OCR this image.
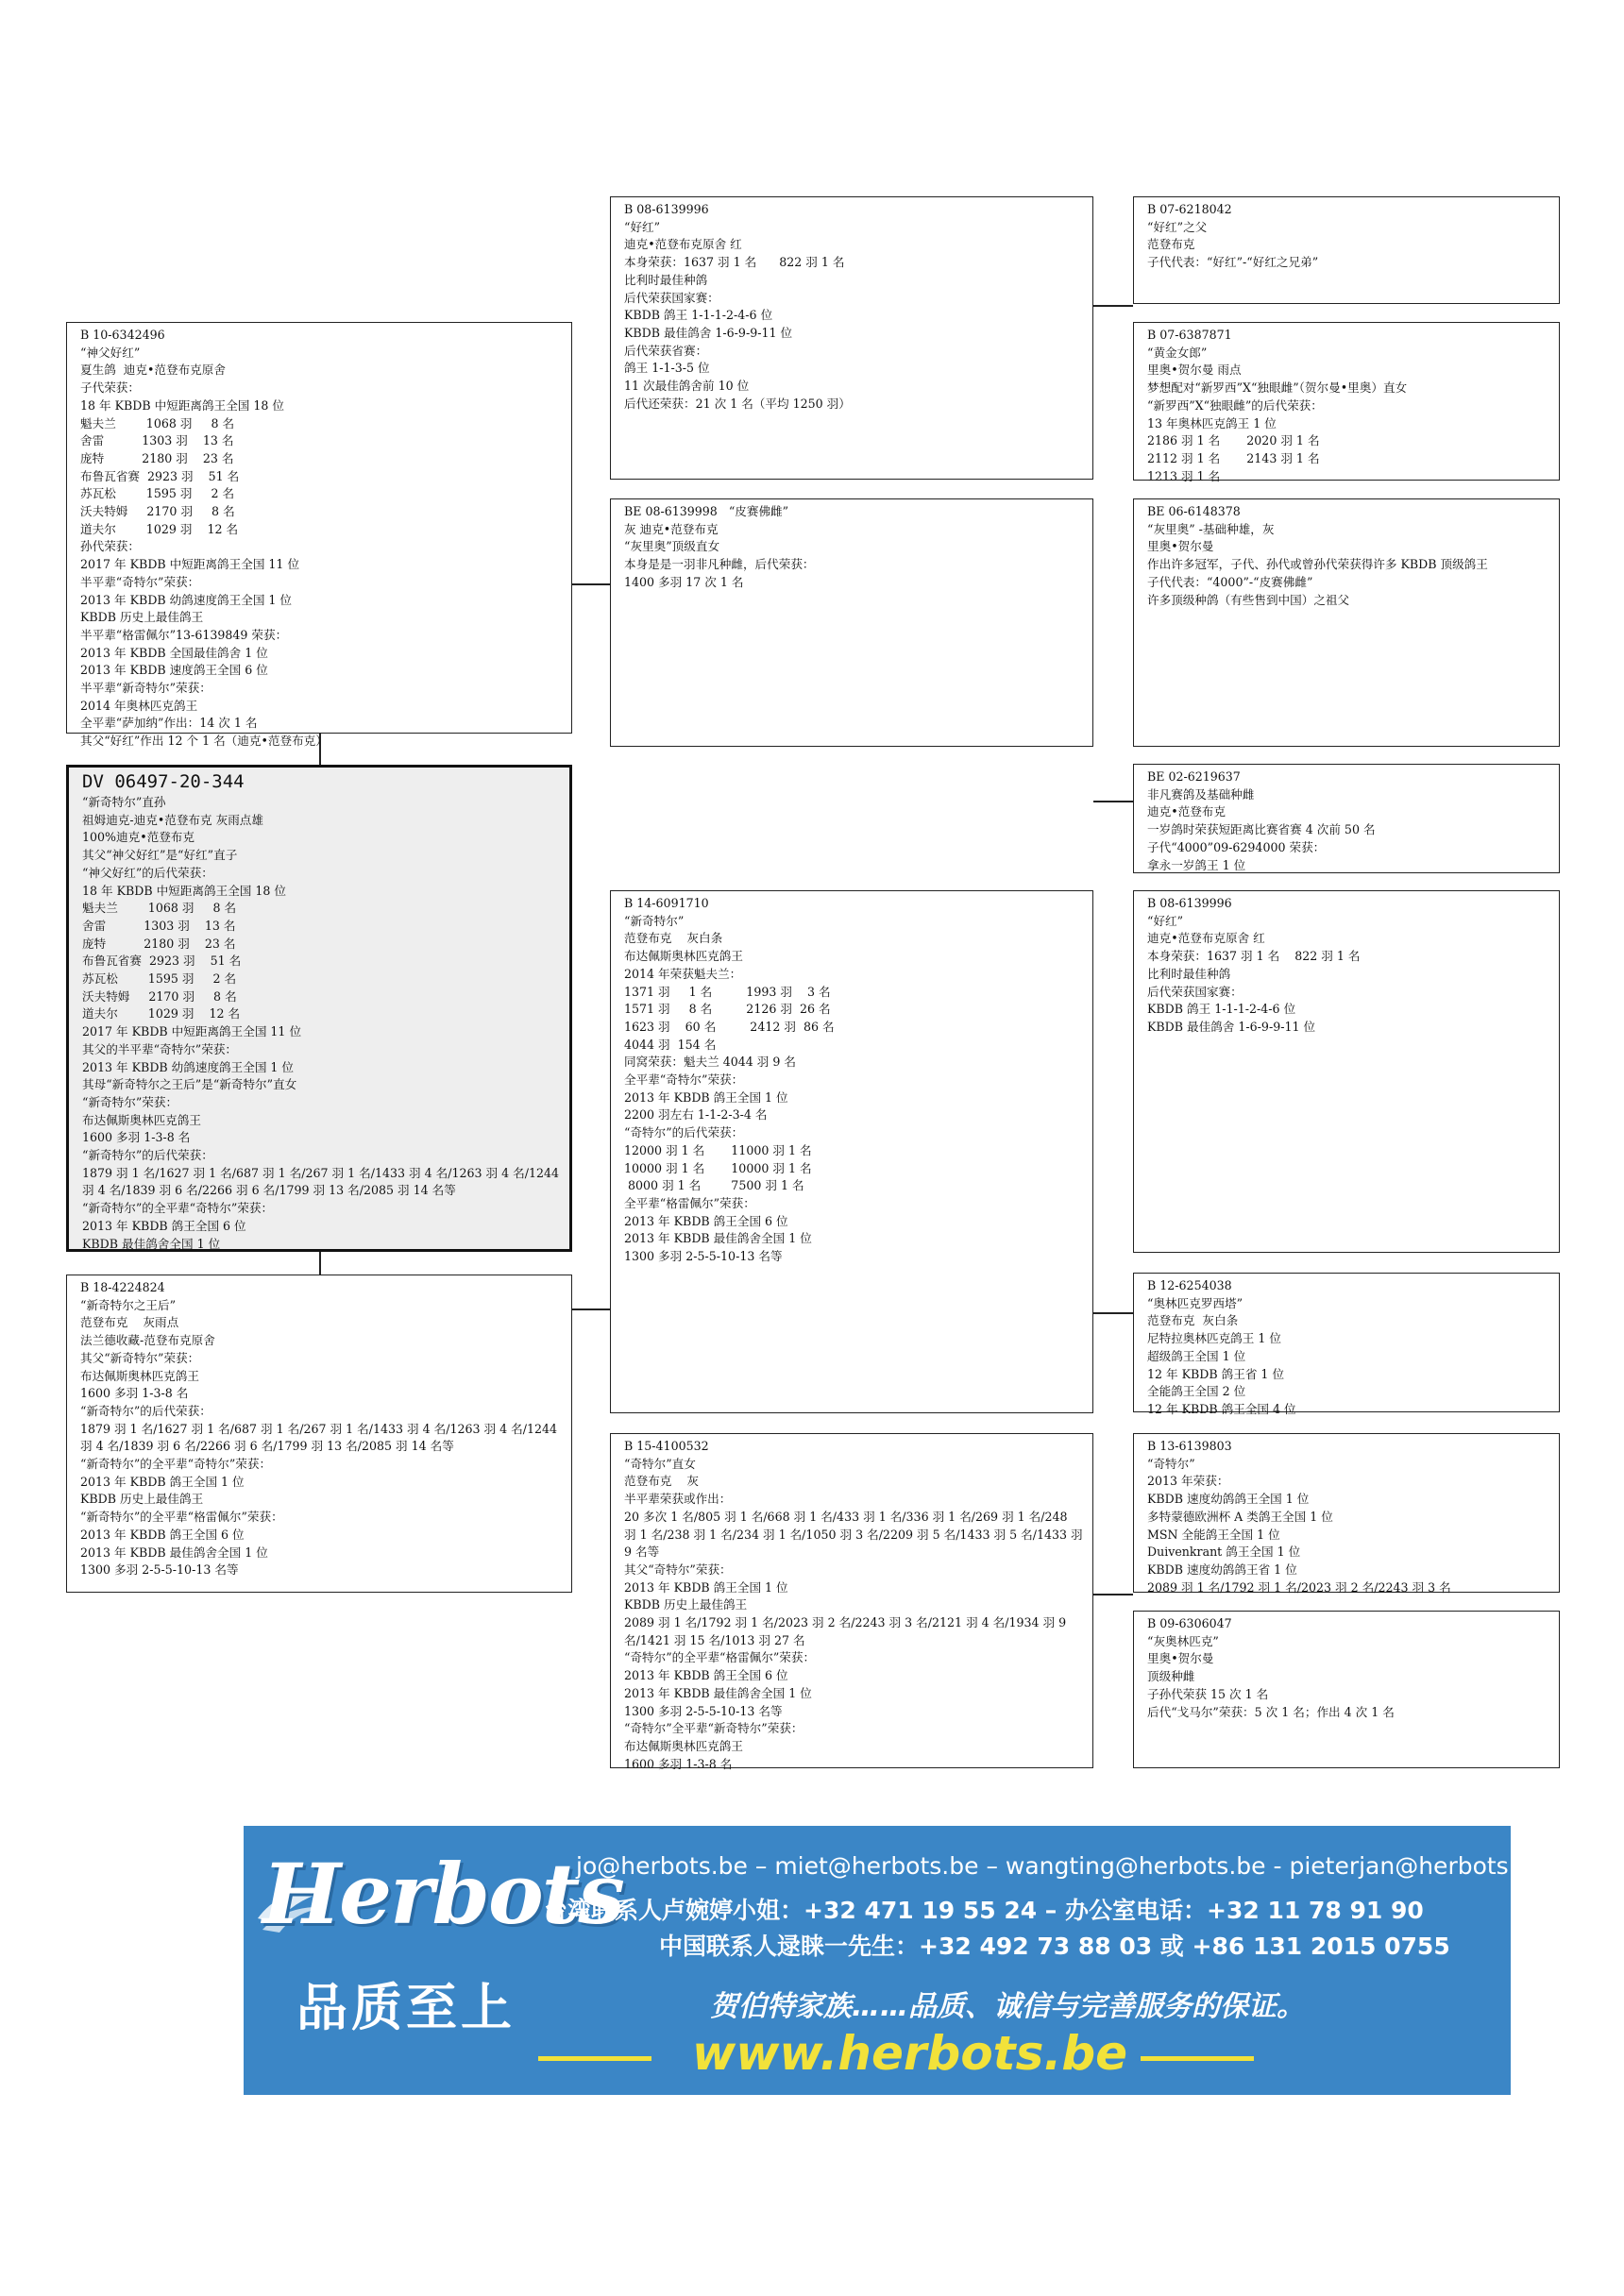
B 08-6139996
“好红”
迪克•范登布克原舍 红
本身荣获：1637 羽 1 名      822 羽 1 名
比利时最佳种鸽
后代荣获国家赛：
KBDB 鸽王 1-1-1-2-4-6 位
KBDB 最佳鸽舍 1-6-9-9-11 位
后代荣获省赛：
鸽王 1-1-3-5 位
11 次最佳鸽舍前 10 位
后代还荣获：21 次 1 名（平均 1250 羽）
B 07-6218042
“好红”之父
范登布克
子代代表：“好红”-“好红之兄弟”
B 10-6342496
“神父好红”
夏生鸽  迪克•范登布克原舍
子代荣获：
18 年 KBDB 中短距离鸽王全国 18 位
魁夫兰        1068 羽     8 名
舍雷          1303 羽    13 名
庞特          2180 羽    23 名
布鲁瓦省赛  2923 羽    51 名
苏瓦松        1595 羽     2 名
沃夫特姆     2170 羽     8 名
道夫尔        1029 羽    12 名
孙代荣获：
2017 年 KBDB 中短距离鸽王全国 11 位
半平辈“奇特尔”荣获：
2013 年 KBDB 幼鸽速度鸽王全国 1 位
KBDB 历史上最佳鸽王
半平辈“格雷佩尔”13-6139849 荣获：
2013 年 KBDB 全国最佳鸽舍 1 位
2013 年 KBDB 速度鸽王全国 6 位
半平辈“新奇特尔”荣获：
2014 年奥林匹克鸽王
全平辈“萨加纳”作出：14 次 1 名
其父“好红”作出 12 个 1 名（迪克•范登布克）
B 07-6387871
“黄金女郎”
里奥•贺尔曼 雨点
梦想配对“新罗西”X“独眼雌”（贺尔曼•里奥）直女
“新罗西”X“独眼雌”的后代荣获：
13 年奥林匹克鸽王 1 位
2186 羽 1 名       2020 羽 1 名
2112 羽 1 名       2143 羽 1 名
1213 羽 1 名
BE 08-6139998   “皮赛佛雌”
灰 迪克•范登布克
“灰里奥”顶级直女
本身是是一羽非凡种雌，后代荣获：
1400 多羽 17 次 1 名
BE 06-6148378
“灰里奥” -基础种雄，灰
里奥•贺尔曼
作出许多冠军，子代、孙代或曾孙代荣获得许多 KBDB 顶级鸽王
子代代表：“4000”-“皮赛佛雌”
许多顶级种鸽（有些售到中国）之祖父
BE 02-6219637
非凡赛鸽及基础种雌
迪克•范登布克
一岁鸽时荣获短距离比赛省赛 4 次前 50 名
子代“4000”09-6294000 荣获：
拿永一岁鸽王 1 位
DV 06497-20-344
“新奇特尔”直孙
祖姆迪克-迪克•范登布克 灰雨点雄
100%迪克•范登布克
其父“神父好红”是“好红”直子
“神父好红”的后代荣获：
18 年 KBDB 中短距离鸽王全国 18 位
魁夫兰        1068 羽     8 名
舍雷          1303 羽    13 名
庞特          2180 羽    23 名
布鲁瓦省赛  2923 羽    51 名
苏瓦松        1595 羽     2 名
沃夫特姆     2170 羽     8 名
道夫尔        1029 羽    12 名
2017 年 KBDB 中短距离鸽王全国 11 位
其父的半平辈“奇特尔”荣获：
2013 年 KBDB 幼鸽速度鸽王全国 1 位
其母“新奇特尔之王后”是“新奇特尔”直女
“新奇特尔”荣获：
布达佩斯奥林匹克鸽王
1600 多羽 1-3-8 名
“新奇特尔”的后代荣获：
1879 羽 1 名/1627 羽 1 名/687 羽 1 名/267 羽 1 名/1433 羽 4 名/1263 羽 4 名/1244 羽 4 名/1839 羽 6 名/2266 羽 6 名/1799 羽 13 名/2085 羽 14 名等
“新奇特尔”的全平辈“奇特尔”荣获：
2013 年 KBDB 鸽王全国 6 位
KBDB 最佳鸽舍全国 1 位
B 14-6091710
“新奇特尔”
范登布克    灰白条
布达佩斯奥林匹克鸽王
2014 年荣获魁夫兰：
1371 羽     1 名         1993 羽    3 名
1571 羽     8 名         2126 羽  26 名
1623 羽    60 名         2412 羽  86 名
4044 羽  154 名
同窝荣获：魁夫兰 4044 羽 9 名
全平辈“奇特尔”荣获：
2013 年 KBDB 鸽王全国 1 位
2200 羽左右 1-1-2-3-4 名
“奇特尔”的后代荣获：
12000 羽 1 名       11000 羽 1 名
10000 羽 1 名       10000 羽 1 名
8000 羽 1 名        7500 羽 1 名
全平辈“格雷佩尔”荣获：
2013 年 KBDB 鸽王全国 6 位
2013 年 KBDB 最佳鸽舍全国 1 位
1300 多羽 2-5-5-10-13 名等
B 08-6139996
“好红”
迪克•范登布克原舍 红
本身荣获：1637 羽 1 名    822 羽 1 名
比利时最佳种鸽
后代荣获国家赛：
KBDB 鸽王 1-1-1-2-4-6 位
KBDB 最佳鸽舍 1-6-9-9-11 位
B 18-4224824
“新奇特尔之王后”
范登布克    灰雨点
法兰德收藏-范登布克原舍
其父“新奇特尔”荣获：
布达佩斯奥林匹克鸽王
1600 多羽 1-3-8 名
“新奇特尔”的后代荣获：
1879 羽 1 名/1627 羽 1 名/687 羽 1 名/267 羽 1 名/1433 羽 4 名/1263 羽 4 名/1244 羽 4 名/1839 羽 6 名/2266 羽 6 名/1799 羽 13 名/2085 羽 14 名等
“新奇特尔”的全平辈“奇特尔”荣获：
2013 年 KBDB 鸽王全国 1 位
KBDB 历史上最佳鸽王
“新奇特尔”的全平辈“格雷佩尔”荣获：
2013 年 KBDB 鸽王全国 6 位
2013 年 KBDB 最佳鸽舍全国 1 位
1300 多羽 2-5-5-10-13 名等
B 12-6254038
“奥林匹克罗西塔”
范登布克  灰白条
尼特拉奥林匹克鸽王 1 位
超级鸽王全国 1 位
12 年 KBDB 鸽王省 1 位
全能鸽王全国 2 位
12 年 KBDB 鸽王全国 4 位
B 15-4100532
“奇特尔”直女
范登布克    灰
半平辈荣获或作出：
20 多次 1 名/805 羽 1 名/668 羽 1 名/433 羽 1 名/336 羽 1 名/269 羽 1 名/248 羽 1 名/238 羽 1 名/234 羽 1 名/1050 羽 3 名/2209 羽 5 名/1433 羽 5 名/1433 羽 9 名等
其父“奇特尔”荣获：
2013 年 KBDB 鸽王全国 1 位
KBDB 历史上最佳鸽王
2089 羽 1 名/1792 羽 1 名/2023 羽 2 名/2243 羽 3 名/2121 羽 4 名/1934 羽 9 名/1421 羽 15 名/1013 羽 27 名
“奇特尔”的全平辈“格雷佩尔”荣获：
2013 年 KBDB 鸽王全国 6 位
2013 年 KBDB 最佳鸽舍全国 1 位
1300 多羽 2-5-5-10-13 名等
“奇特尔”全平辈“新奇特尔”荣获：
布达佩斯奥林匹克鸽王
1600 多羽 1-3-8 名
B 13-6139803
“奇特尔”
2013 年荣获：
KBDB 速度幼鸽鸽王全国 1 位
多特蒙德欧洲杯 A 类鸽王全国 1 位
MSN 全能鸽王全国 1 位
Duivenkrant 鸽王全国 1 位
KBDB 速度幼鸽鸽王省 1 位
2089 羽 1 名/1792 羽 1 名/2023 羽 2 名/2243 羽 3 名
B 09-6306047
“灰奥林匹克”
里奥•贺尔曼
顶级种雌
子孙代荣获 15 次 1 名
后代“戈马尔”荣获：5 次 1 名；作出 4 次 1 名
Herbots
品质至上
jo@herbots.be – miet@herbots.be – wangting@herbots.be - pieterjan@herbots.be
台湾联系人卢婉婷小姐：+32 471 19 55 24 – 办公室电话：+32 11 78 91 90
中国联系人逯睐一先生：+32 492 73 88 03 或 +86 131 2015 0755
贺伯特家族……品质、诚信与完善服务的保证。
www.herbots.be
